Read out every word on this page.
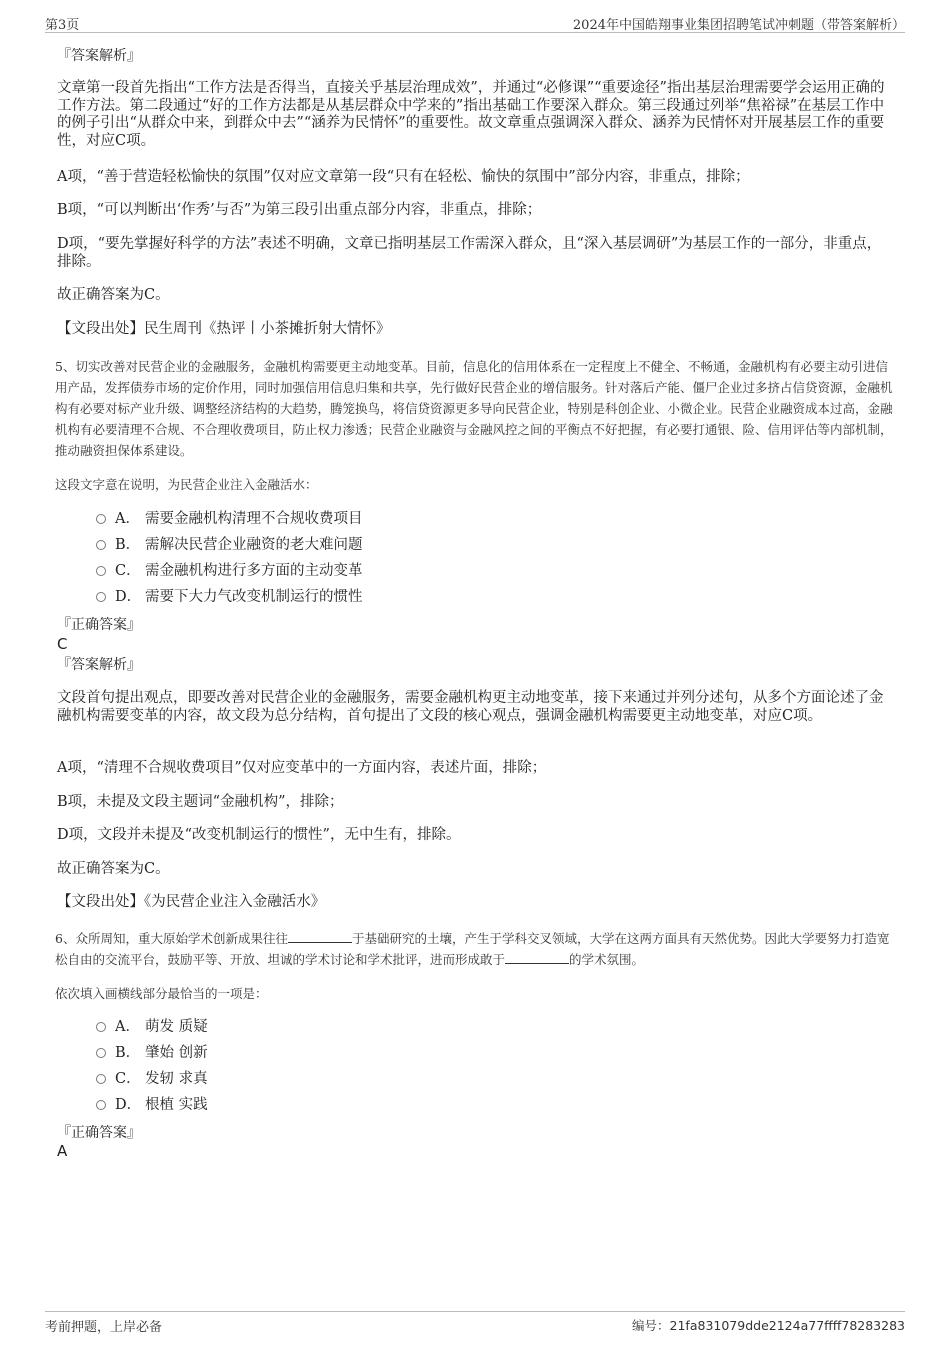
第3页	2024年中国皓翔事业集团招聘笔试冲刺题（带答案解析）
『答案解析』
文章第一段首先指出“工作方法是否得当，直接关乎基层治理成效”，并通过“必修课”“重要途径”指出基层治理需要学会运用正确的工作方法。第二段通过“好的工作方法都是从基层群众中学来的”指出基础工作要深入群众。第三段通过列举“焦裕禄”在基层工作中的例子引出“从群众中来，到群众中去”“涵养为民情怀”的重要性。故文章重点强调深入群众、涵养为民情怀对开展基层工作的重要性，对应C项。
A项，“善于营造轻松愉快的氛围”仅对应文章第一段“只有在轻松、愉快的氛围中”部分内容，非重点，排除；
B项，“可以判断出‘作秀’与否”为第三段引出重点部分内容，非重点，排除；
D项，“要先掌握好科学的方法”表述不明确，文章已指明基层工作需深入群众，且“深入基层调研”为基层工作的一部分，非重点，排除。
故正确答案为C。
【文段出处】民生周刊《热评丨小茶摊折射大情怀》
5、切实改善对民营企业的金融服务，金融机构需要更主动地变革。目前，信息化的信用体系在一定程度上不健全、不畅通，金融机构有必要主动引进信用产品，发挥债券市场的定价作用，同时加强信用信息归集和共享，先行做好民营企业的增信服务。针对落后产能、僵尸企业过多挤占信贷资源，金融机构有必要对标产业升级、调整经济结构的大趋势，腾笼换鸟，将信贷资源更多导向民营企业，特别是科创企业、小微企业。民营企业融资成本过高，金融机构有必要清理不合规、不合理收费项目，防止权力渗透；民营企业融资与金融风控之间的平衡点不好把握，有必要打通银、险、信用评估等内部机制，推动融资担保体系建设。
这段文字意在说明，为民营企业注入金融活水：
A． 需要金融机构清理不合规收费项目
B． 需解决民营企业融资的老大难问题
C． 需金融机构进行多方面的主动变革
D． 需要下大力气改变机制运行的惯性
『正确答案』
C
『答案解析』
文段首句提出观点，即要改善对民营企业的金融服务，需要金融机构更主动地变革，接下来通过并列分述句，从多个方面论述了金融机构需要变革的内容，故文段为总分结构，首句提出了文段的核心观点，强调金融机构需要更主动地变革，对应C项。
A项，“清理不合规收费项目”仅对应变革中的一方面内容，表述片面，排除；
B项，未提及文段主题词“金融机构”，排除；
D项，文段并未提及“改变机制运行的惯性”，无中生有，排除。
故正确答案为C。
【文段出处】《为民营企业注入金融活水》
6、众所周知，重大原始学术创新成果往往	于基础研究的土壤，产生于学科交叉领域，大学在这两方面具有天然优势。因此大学要努力打造宽松自由的交流平台，鼓励平等、开放、坦诚的学术讨论和学术批评，进而形成敢于	的学术氛围。
依次填入画横线部分最恰当的一项是：
A． 萌发 质疑
B． 肇始 创新
C． 发轫 求真
D． 根植 实践
『正确答案』
A
考前押题，上岸必备	编号：21fa831079dde2124a77ffff78283283
